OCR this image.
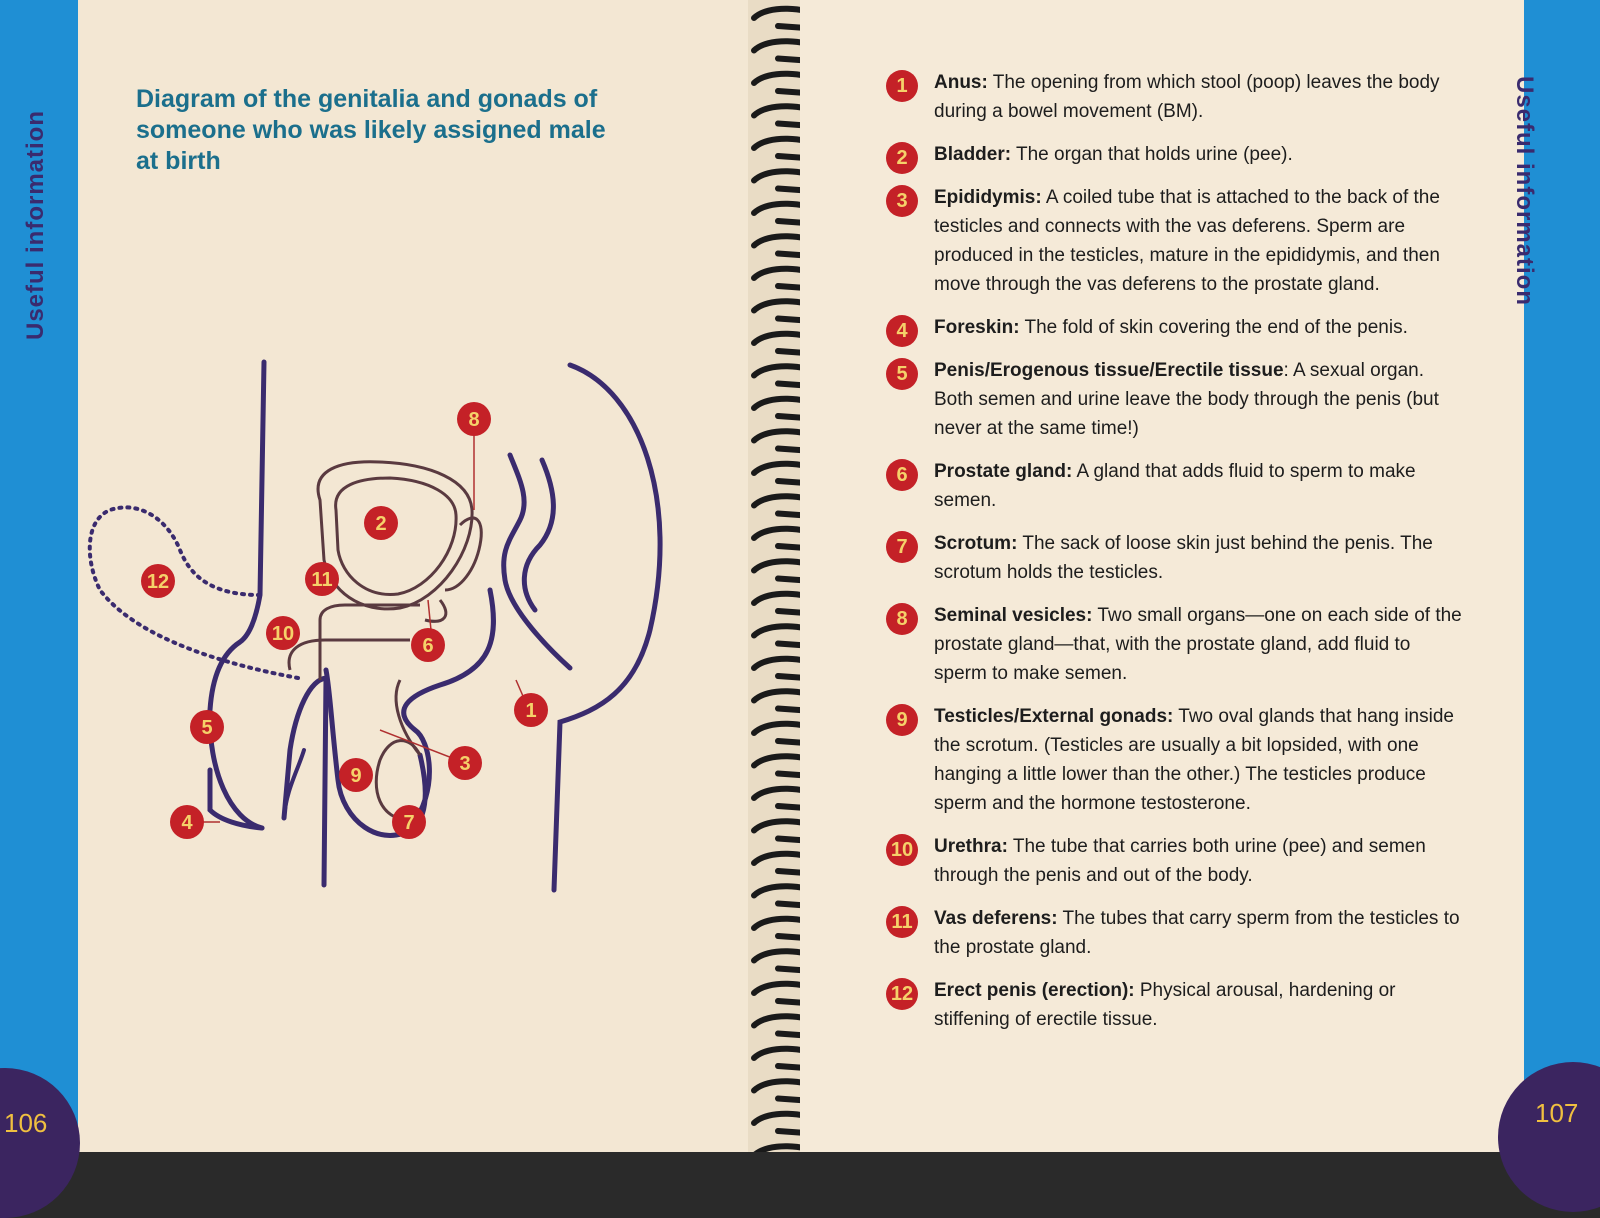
Diagram of the genitalia and gonads of someone who was likely assigned male at birth
Useful information
1
2
3
4
5
6
7
8
9
10
11
12
106
Useful information
1	Anus: The opening from which stool (poop) leaves the body during a bowel movement (BM).
2	Bladder: The organ that holds urine (pee).
3	Epididymis: A coiled tube that is attached to the back of the testicles and connects with the vas deferens. Sperm are produced in the testicles, mature in the epididymis, and then move through the vas deferens to the prostate gland.
4	Foreskin: The fold of skin covering the end of the penis.
5	Penis/Erogenous tissue/Erectile tissue: A sexual organ. Both semen and urine leave the body through the penis (but never at the same time!)
6	Prostate gland: A gland that adds fluid to sperm to make semen.
7	Scrotum: The sack of loose skin just behind the penis. The scrotum holds the testicles.
8	Seminal vesicles: Two small organs—one on each side of the prostate gland—that, with the prostate gland, add fluid to sperm to make semen.
9	Testicles/External gonads: Two oval glands that hang inside the scrotum. (Testicles are usually a bit lopsided, with one hanging a little lower than the other.) The testicles produce sperm and the hormone testosterone.
10 Urethra: The tube that carries both urine (pee) and semen through the penis and out of the body.
11 Vas deferens: The tubes that carry sperm from the testicles to the prostate gland.
12 Erect penis (erection): Physical arousal, hardening or stiffening of erectile tissue.
107
